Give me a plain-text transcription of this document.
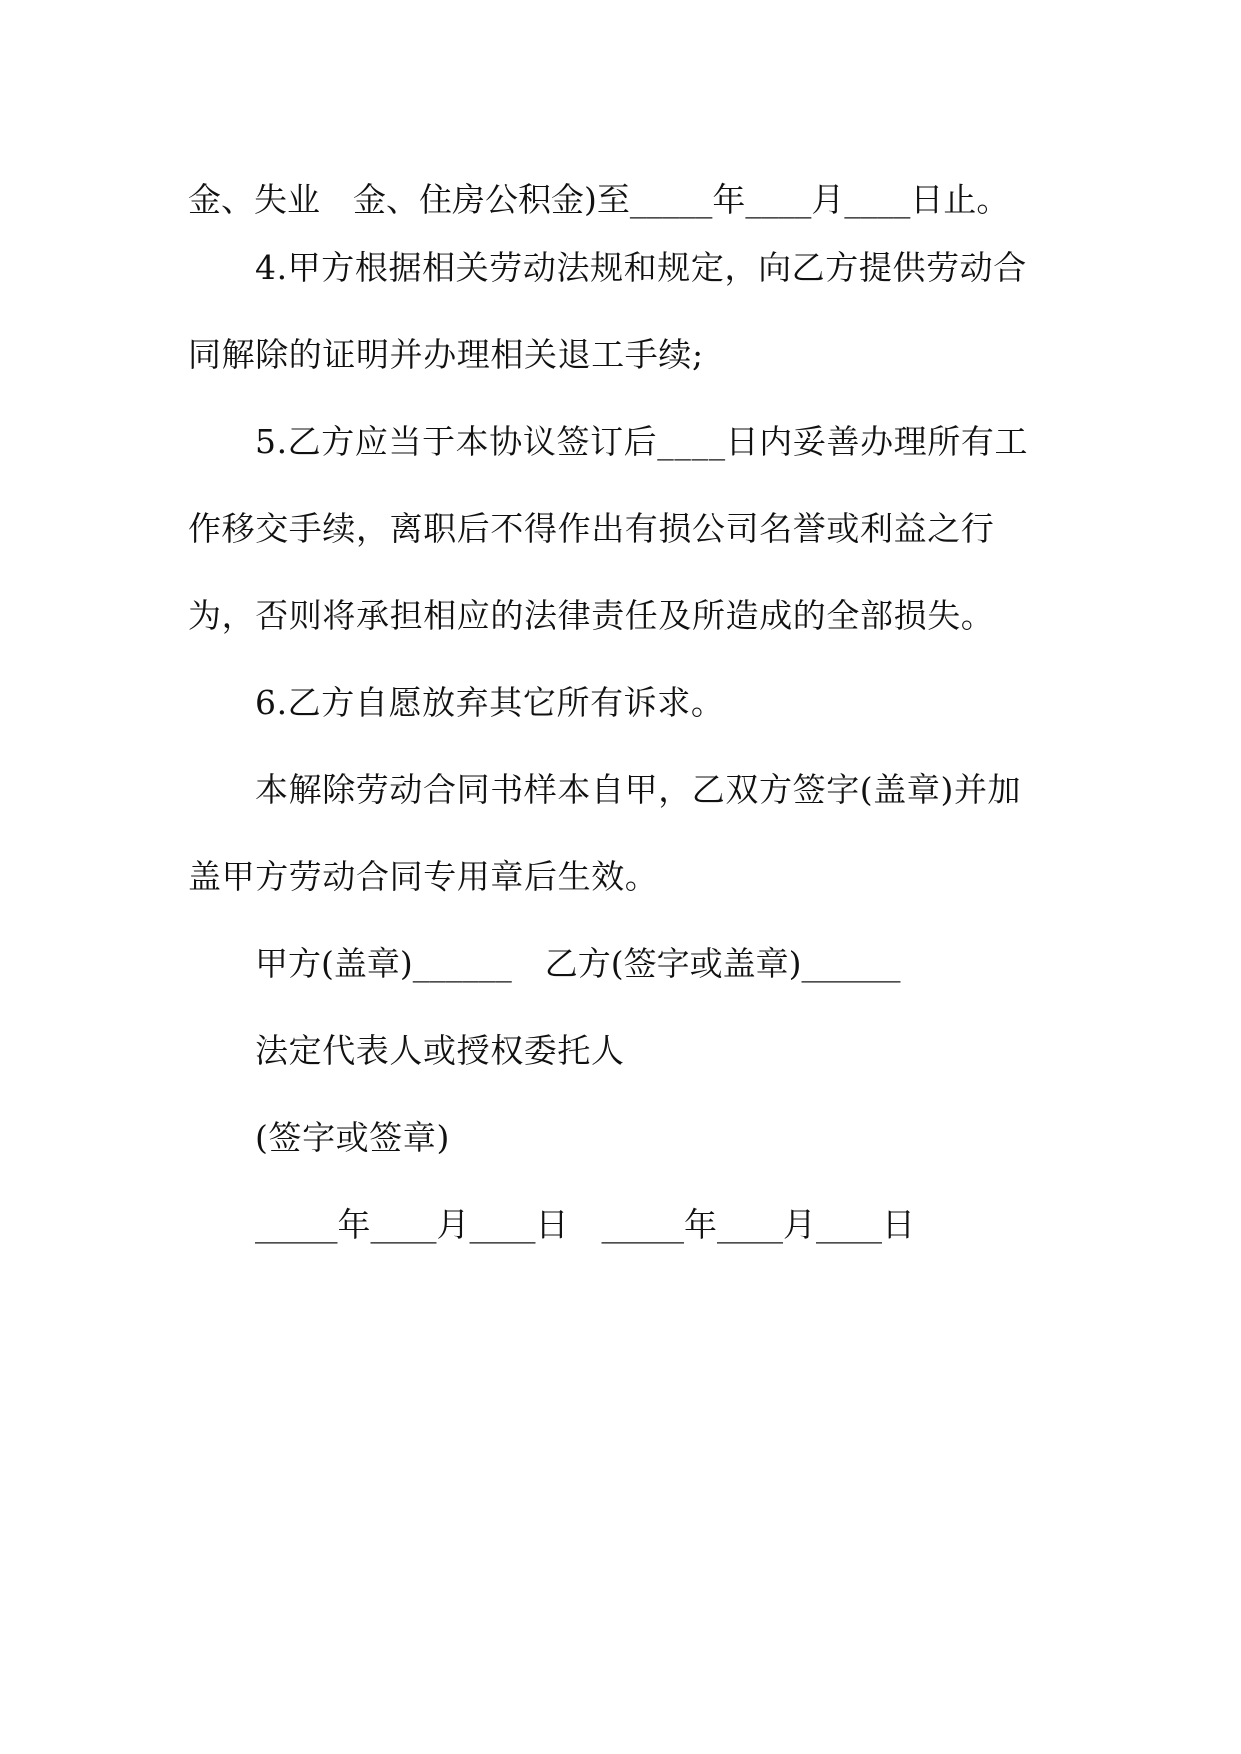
金、失业　金、住房公积金)至_____年____月____日止。
4.甲方根据相关劳动法规和规定，向乙方提供劳动合
同解除的证明并办理相关退工手续;
5.乙方应当于本协议签订后____日内妥善办理所有工
作移交手续，离职后不得作出有损公司名誉或利益之行
为，否则将承担相应的法律责任及所造成的全部损失。
6.乙方自愿放弃其它所有诉求。
本解除劳动合同书样本自甲，乙双方签字(盖章)并加
盖甲方劳动合同专用章后生效。
甲方(盖章)______　乙方(签字或盖章)______
法定代表人或授权委托人
(签字或签章)
_____年____月____日　_____年____月____日
